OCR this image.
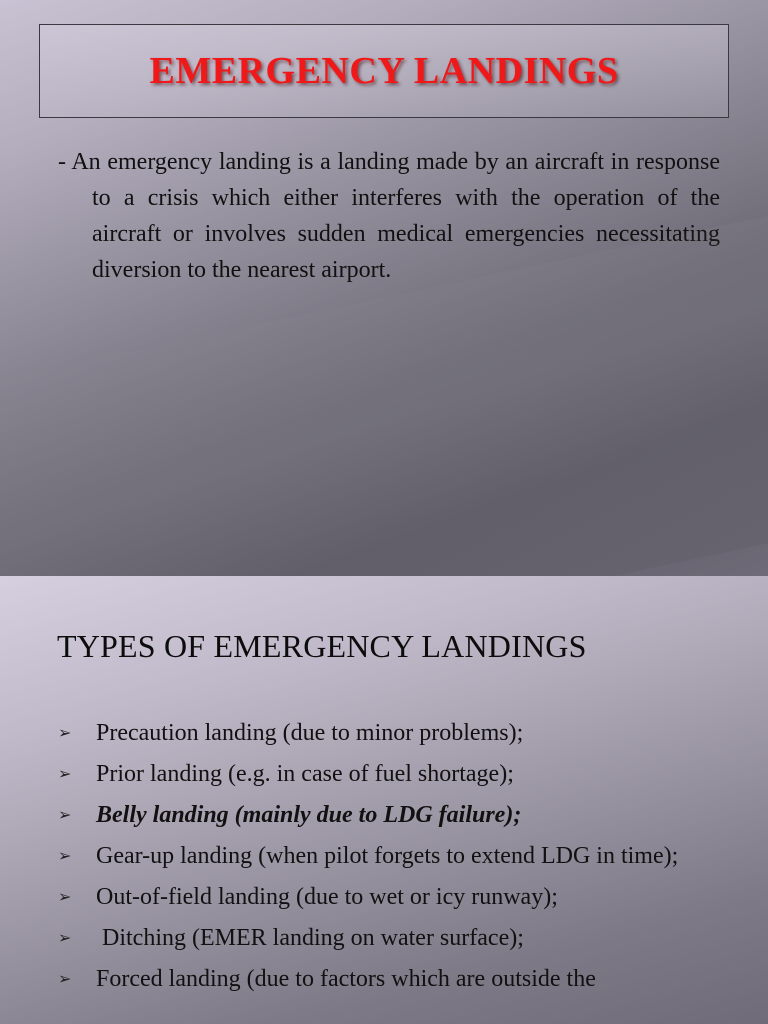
EMERGENCY LANDINGS

- An emergency landing is a landing made by an aircraft in response to a crisis which either interferes with the operation of the aircraft or involves sudden medical emergencies necessitating diversion to the nearest airport.

TYPES OF EMERGENCY LANDINGS
➢ Precaution landing (due to minor problems);
➢ Prior landing (e.g. in case of fuel shortage);
➢ Belly landing (mainly due to LDG failure);
➢ Gear-up landing (when pilot forgets to extend LDG in time);
➢ Out-of-field landing (due to wet or icy runway);
➢ Ditching (EMER landing on water surface);
➢ Forced landing (due to factors which are outside the
